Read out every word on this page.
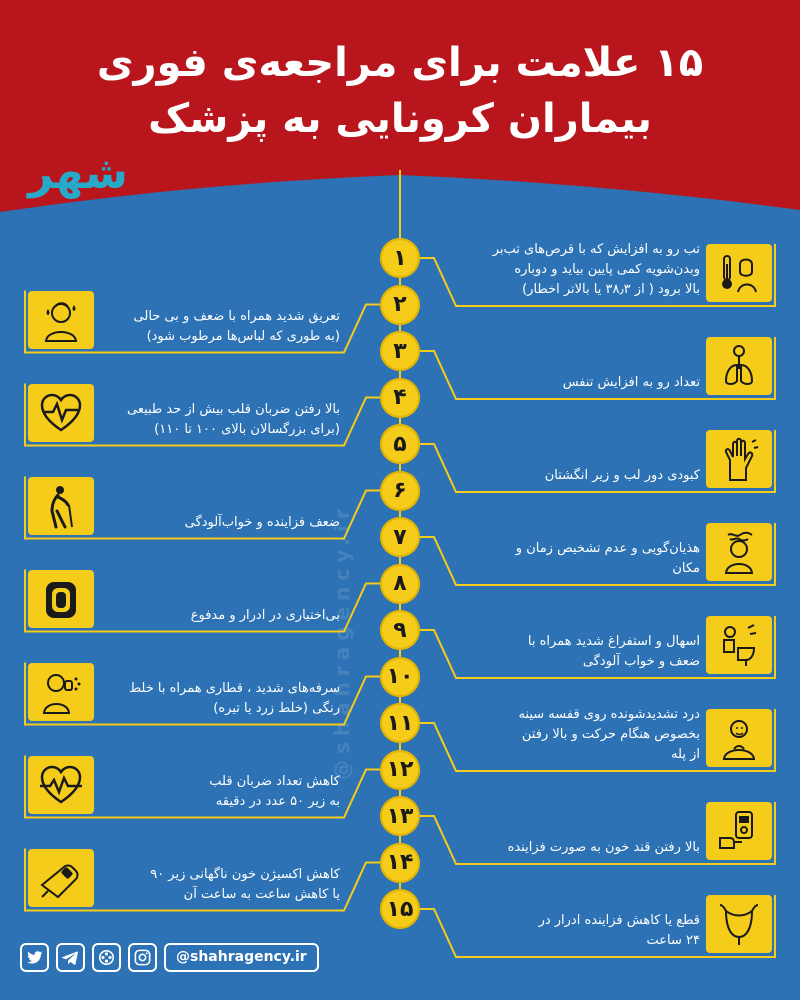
۱۵ علامت برای مراجعه‌ی فوری
بیماران کرونایی به پزشک
شهر
@shahragency.ir
۱	تب رو به افزایش که با قرص‌های تب‌بر
وبدن‌شویه کمی پایین بیاید و دوباره
بالا برود ( از ۳۸٫۳ یا بالاتر اخطار)
۲
تعریق شدید همراه با ضعف و بی حالی
(به طوری که لباس‌ها مرطوب شود)
۳
تعداد رو به افزایش تنفس
۴
بالا رفتن ضربان قلب بیش از حد طبیعی
(برای بزرگسالان بالای ۱۰۰ تا ۱۱۰)
۵
کبودی دور لب و زیر انگشتان
۶
ضعف فزاینده و خواب‌آلودگی
۷	هذیان‌گویی و عدم تشخیص زمان و
مکان
۸
بی‌اختیاری در ادرار و مدفوع
۹	اسهال و استفراغ شدید همراه با
ضعف و خواب آلودگی
۱۰
سرفه‌های شدید ، قطاری همراه با خلط
رنگی (خلط زرد یا تیره)
۱۱	درد تشدیدشونده روی قفسه سینه
بخصوص هنگام حرکت و بالا رفتن
از پله
۱۲
کاهش تعداد ضربان قلب
به زیر ۵۰ عدد در دقیقه
۱۳
بالا رفتن قند خون به صورت فزاینده
۱۴
کاهش اکسیژن خون ناگهانی زیر ۹۰
یا کاهش ساعت به ساعت آن
۱۵	قطع یا کاهش فزاینده ادرار در
۲۴ ساعت
@shahragency.ir
